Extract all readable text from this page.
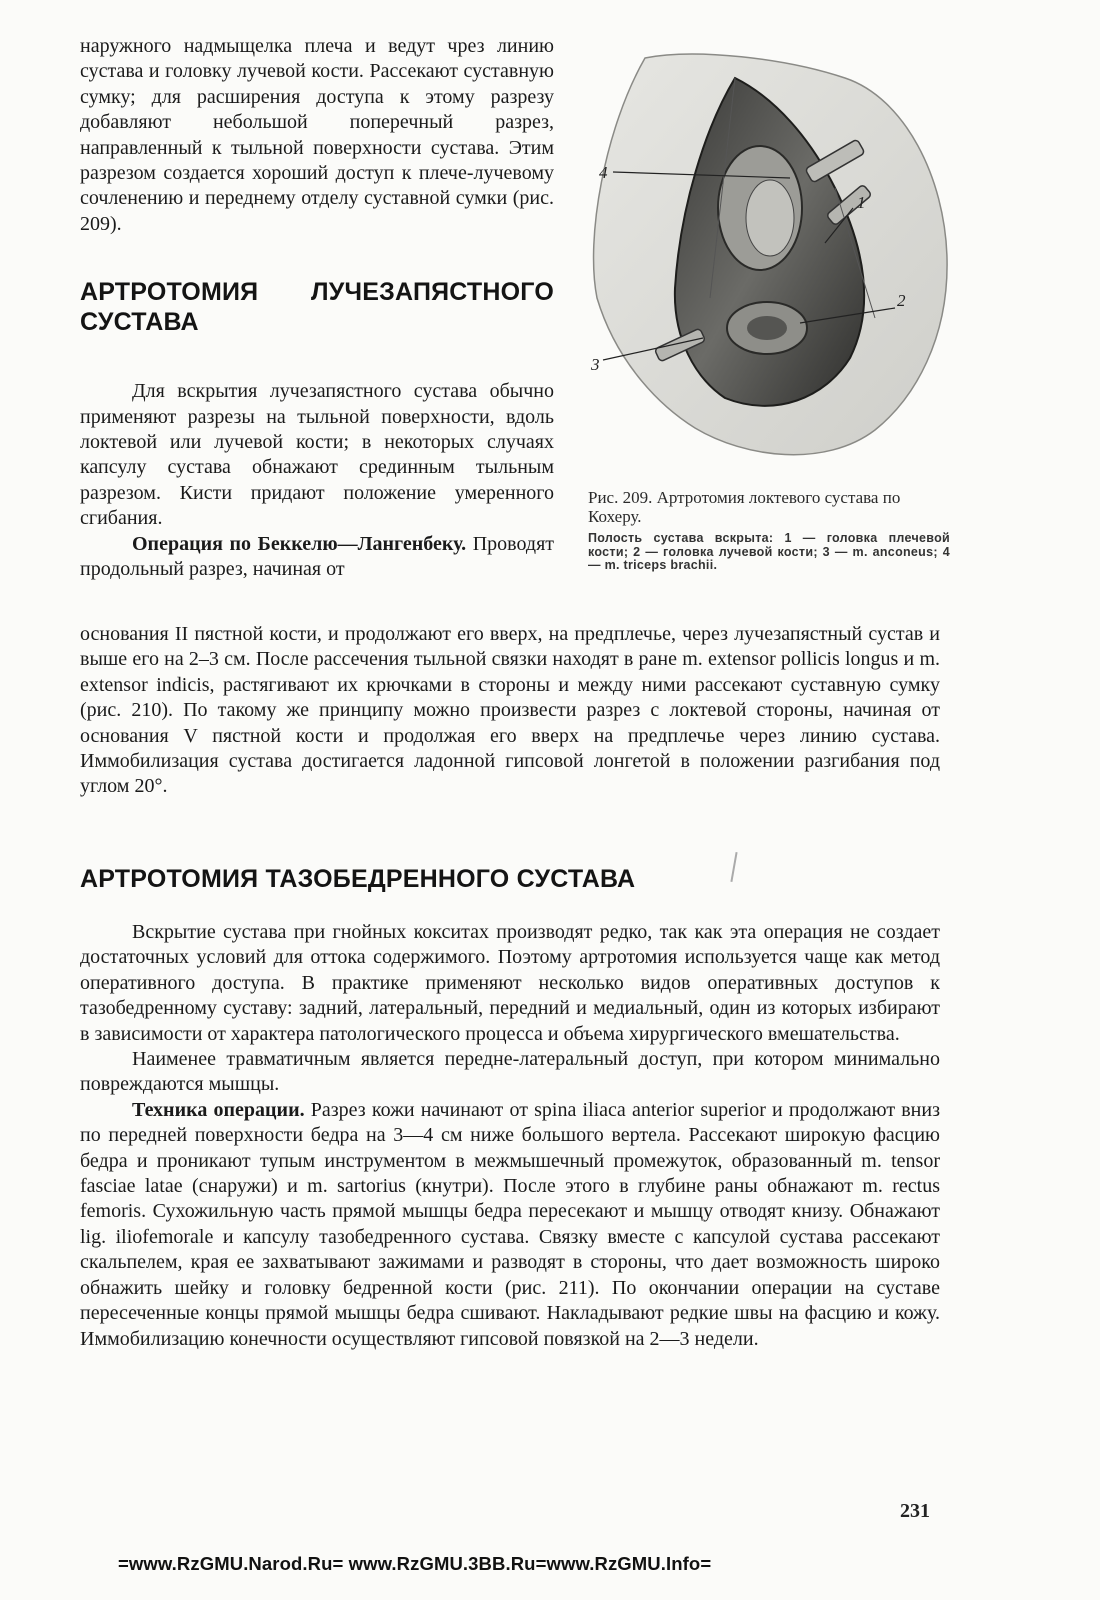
наружного надмыщелка плеча и ведут чрез линию сустава и головку лучевой кости. Рассекают суставную сумку; для расширения доступа к этому разрезу добавляют небольшой поперечный разрез, направленный к тыльной поверхности сустава. Этим разрезом создается хороший доступ к плече-лучевому сочленению и переднему отделу суставной сумки (рис. 209).

АРТРОТОМИЯ ЛУЧЕЗАПЯСТНОГО СУСТАВА

Для вскрытия лучезапястного сустава обычно применяют разрезы на тыльной поверхности, вдоль локтевой или лучевой кости; в некоторых случаях капсулу сустава обнажают срединным тыльным разрезом. Кисти придают положение умеренного сгибания.

Операция по Беккелю—Лангенбеку. Проводят продольный разрез, начиная от

4
1
2
3

Рис. 209. Артротомия локтевого сустава по Кохеру.

Полость сустава вскрыта: 1 — головка плечевой кости; 2 — головка лучевой кости; 3 — m. anconeus; 4 — m. triceps brachii.

основания II пястной кости, и продолжают его вверх, на предплечье, через лучезапястный сустав и выше его на 2–3 см. После рассечения тыльной связки находят в ране m. extensor pollicis longus и m. extensor indicis, растягивают их крючками в стороны и между ними рассекают суставную сумку (рис. 210). По такому же принципу можно произвести разрез с локтевой стороны, начиная от основания V пястной кости и продолжая его вверх на предплечье через линию сустава. Иммобилизация сустава достигается ладонной гипсовой лонгетой в положении разгибания под углом 20°.

АРТРОТОМИЯ ТАЗОБЕДРЕННОГО СУСТАВА

Вскрытие сустава при гнойных кокситах производят редко, так как эта операция не создает достаточных условий для оттока содержимого. Поэтому артротомия используется чаще как метод оперативного доступа. В практике применяют несколько видов оперативных доступов к тазобедренному суставу: задний, латеральный, передний и медиальный, один из которых избирают в зависимости от характера патологического процесса и объема хирургического вмешательства.

Наименее травматичным является передне-латеральный доступ, при котором минимально повреждаются мышцы.

Техника операции. Разрез кожи начинают от spina iliaca anterior superior и продолжают вниз по передней поверхности бедра на 3—4 см ниже большого вертела. Рассекают широкую фасцию бедра и проникают тупым инструментом в межмышечный промежуток, образованный m. tensor fasciae latae (снаружи) и m. sartorius (кнутри). После этого в глубине раны обнажают m. rectus femoris. Сухожильную часть прямой мышцы бедра пересекают и мышцу отводят книзу. Обнажают lig. iliofemorale и капсулу тазобедренного сустава. Связку вместе с капсулой сустава рассекают скальпелем, края ее захватывают зажимами и разводят в стороны, что дает возможность широко обнажить шейку и головку бедренной кости (рис. 211). По окончании операции на суставе пересеченные концы прямой мышцы бедра сшивают. Накладывают редкие швы на фасцию и кожу. Иммобилизацию конечности осуществляют гипсовой повязкой на 2—3 недели.

231
=www.RzGMU.Narod.Ru= www.RzGMU.3BB.Ru=www.RzGMU.Info=
